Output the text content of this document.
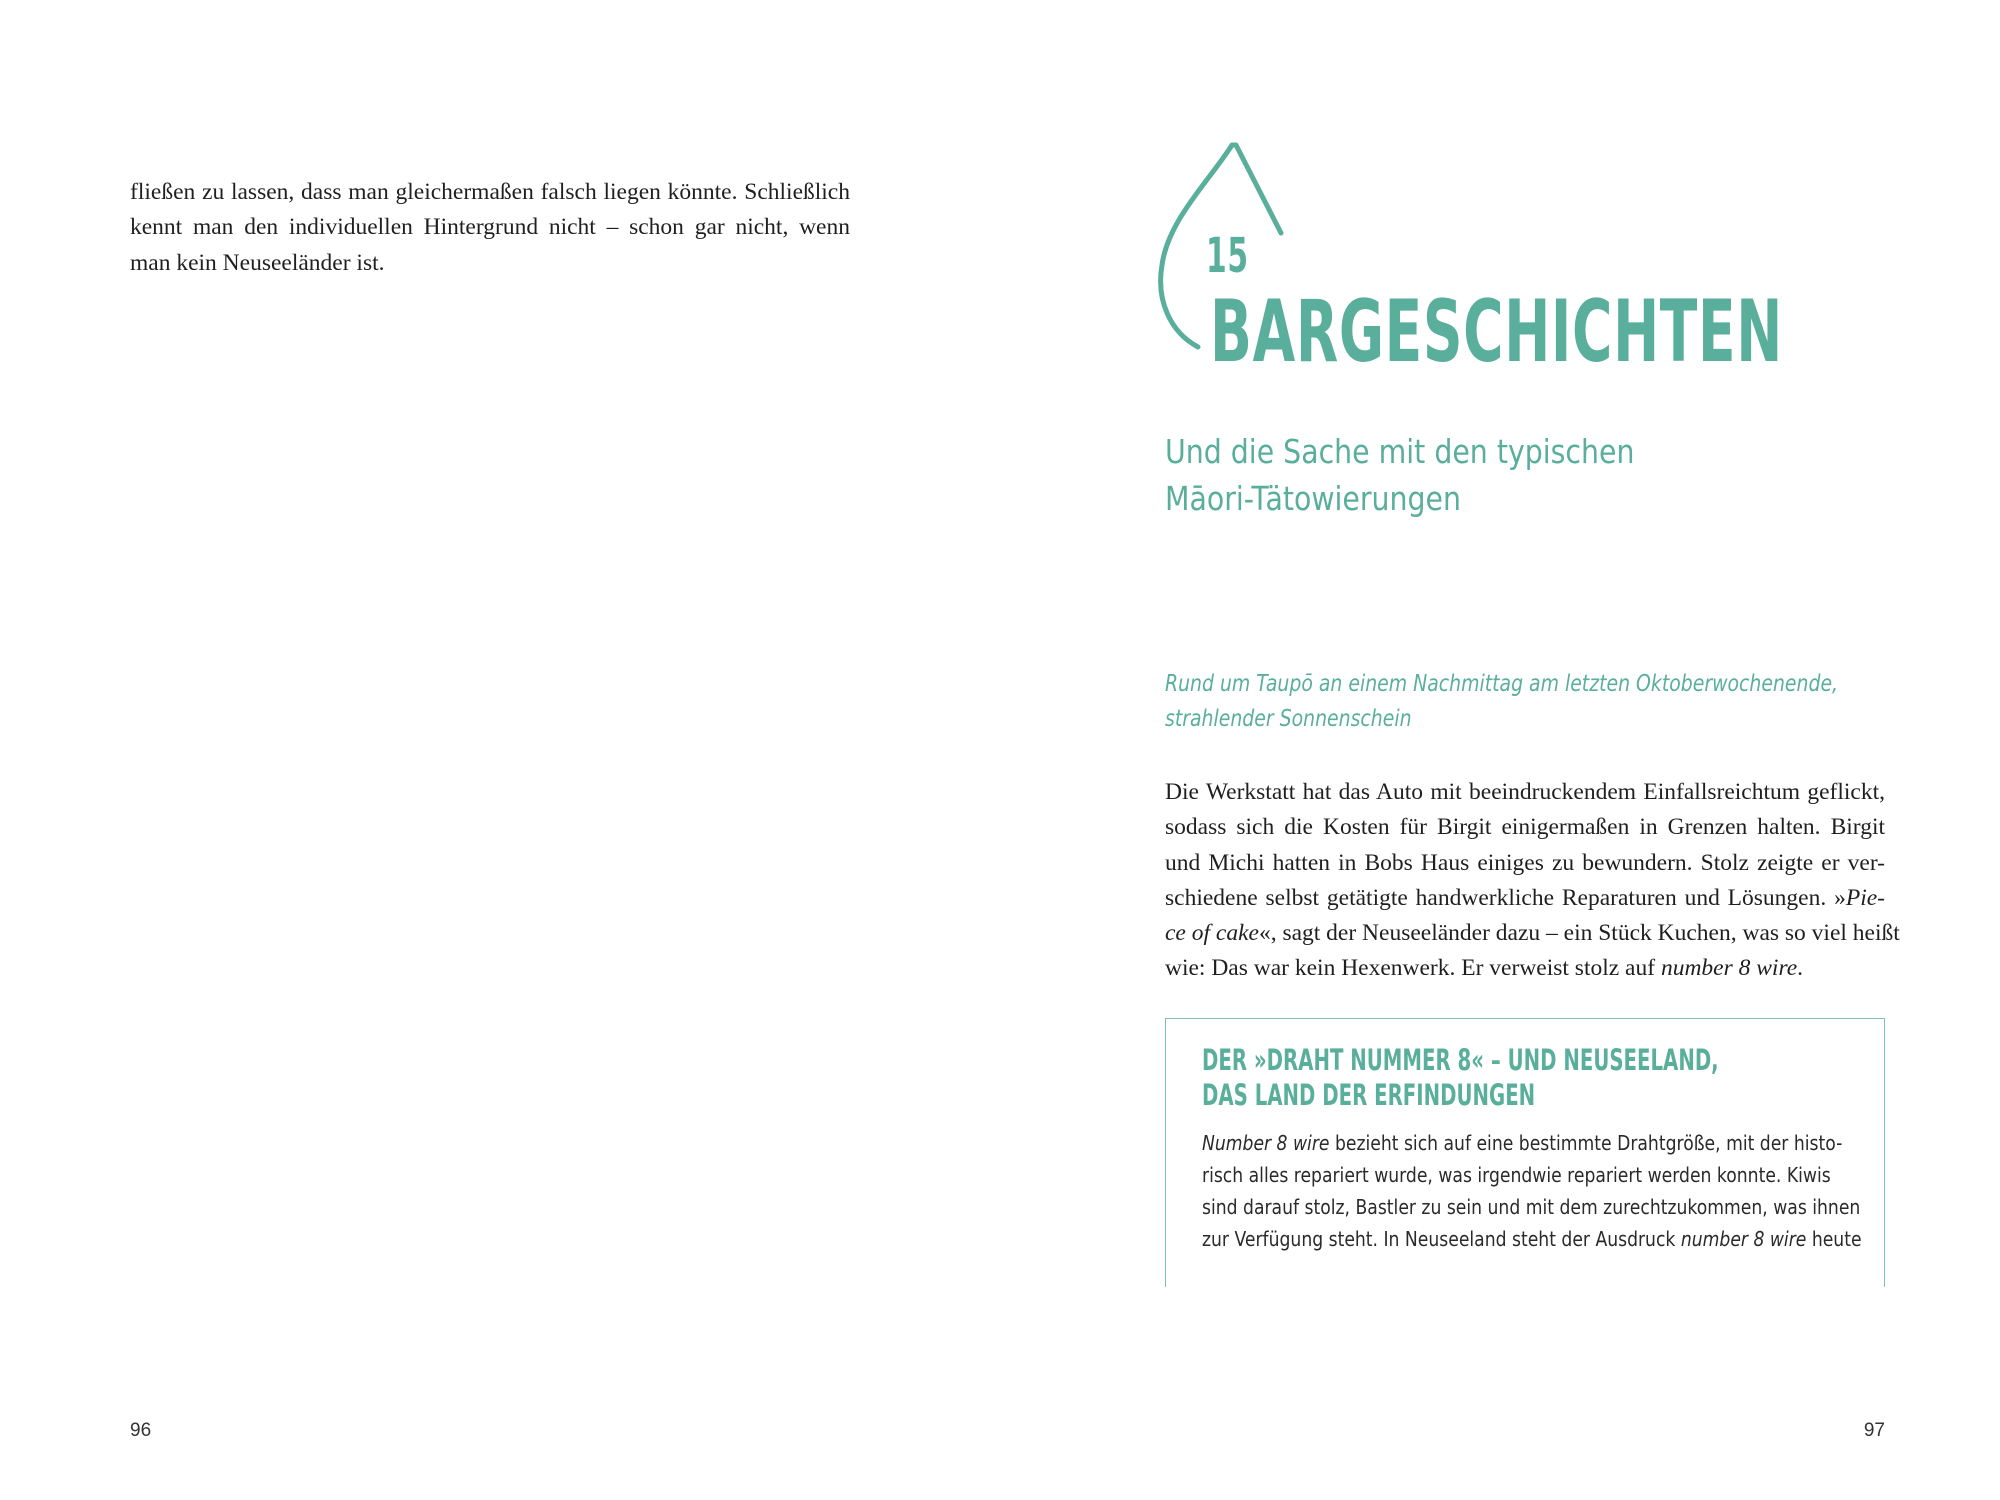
fließen zu lassen, dass man gleichermaßen falsch liegen könnte. Schließlich
kennt man den individuellen Hintergrund nicht – schon gar nicht, wenn
man kein Neuseeländer ist.
96
15
BARGESCHICHTEN
Und die Sache mit den typischen
Māori-Tätowierungen
Rund um Taupō an einem Nachmittag am letzten Oktoberwochenende,
strahlender Sonnenschein
Die Werkstatt hat das Auto mit beeindruckendem Einfallsreichtum geflickt,
sodass sich die Kosten für Birgit einigermaßen in Grenzen halten. Birgit
und Michi hatten in Bobs Haus einiges zu bewundern. Stolz zeigte er ver-
schiedene selbst getätigte handwerkliche Reparaturen und Lösungen. »Pie-
ce of cake«, sagt der Neuseeländer dazu – ein Stück Kuchen, was so viel heißt
wie: Das war kein Hexenwerk. Er verweist stolz auf number 8 wire.
DER »DRAHT NUMMER 8« – UND NEUSEELAND,
DAS LAND DER ERFINDUNGEN
Number 8 wire bezieht sich auf eine bestimmte Drahtgröße, mit der histo-
risch alles repariert wurde, was irgendwie repariert werden konnte. Kiwis
sind darauf stolz, Bastler zu sein und mit dem zurechtzukommen, was ihnen
zur Verfügung steht. In Neuseeland steht der Ausdruck number 8 wire heute
97
